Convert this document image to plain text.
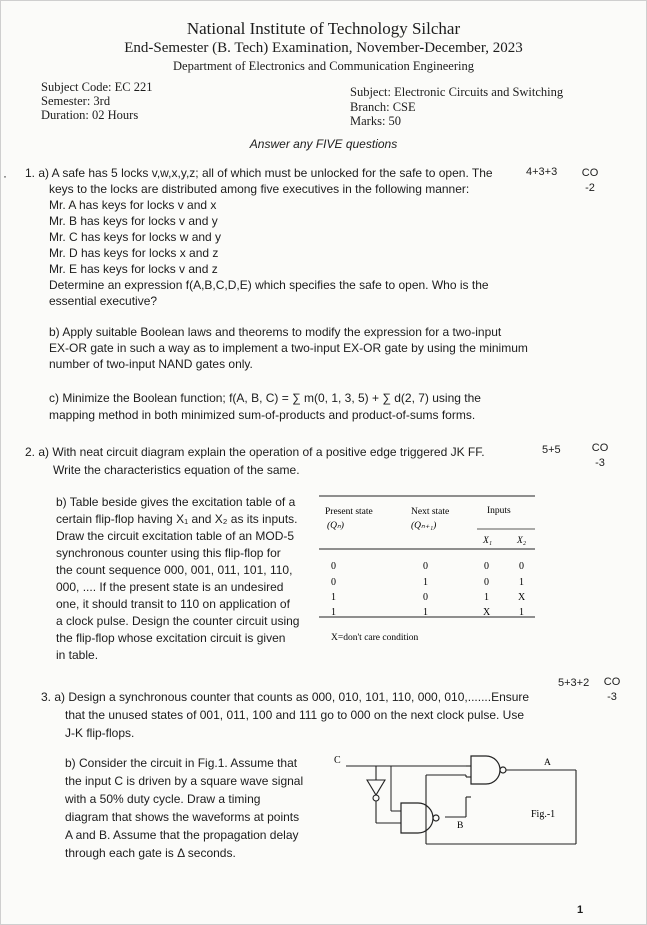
National Institute of Technology Silchar
End-Semester (B. Tech) Examination, November-December, 2023
Department of Electronics and Communication Engineering
Subject Code: EC 221
Semester: 3rd
Duration: 02 Hours
Subject: Electronic Circuits and Switching
Branch: CSE
Marks: 50
Answer any FIVE questions
· 1. a) A safe has 5 locks v,w,x,y,z; all of which must be unlocked for the safe to open. The
keys to the locks are distributed among five executives in the following manner:
Mr. A has keys for locks v and x
Mr. B has keys for locks v and y
Mr. C has keys for locks w and y
Mr. D has keys for locks x and z
Mr. E has keys for locks v and z
Determine an expression f(A,B,C,D,E) which specifies the safe to open. Who is the
essential executive?
b) Apply suitable Boolean laws and theorems to modify the expression for a two-input
EX-OR gate in such a way as to implement a two-input EX-OR gate by using the minimum
number of two-input NAND gates only.
c) Minimize the Boolean function; f(A, B, C) = ∑ m(0, 1, 3, 5) + ∑ d(2, 7) using the
mapping method in both minimized sum-of-products and product-of-sums forms.
4+3+3	CO
-2
2. a) With neat circuit diagram explain the operation of a positive edge triggered JK FF.
Write the characteristics equation of the same.
5+5	CO
-3
b) Table beside gives the excitation table of a
certain flip-flop having X₁ and X₂ as its inputs.
Draw the circuit excitation table of an MOD-5
synchronous counter using this flip-flop for
the count sequence 000, 001, 011, 101, 110,
000, .... If the present state is an undesired
one, it should transit to 110 on application of
a clock pulse. Design the counter circuit using
the flip-flop whose excitation circuit is given
in table.
Present state
(Qₙ)
Next state
(Qₙ₊₁)
Inputs
X₁	X₂
0	0	0	0
0	1	0	1
1	0	1	X
1	1	X	1
X=don't care condition
3. a) Design a synchronous counter that counts as 000, 010, 101, 110, 000, 010,.......Ensure
that the unused states of 001, 011, 100 and 111 go to 000 on the next clock pulse. Use
J-K flip-flops.
5+3+2	CO
-3
b) Consider the circuit in Fig.1. Assume that
the input C is driven by a square wave signal
with a 50% duty cycle. Draw a timing
diagram that shows the waveforms at points
A and B. Assume that the propagation delay
through each gate is Δ seconds.
C	A
B
Fig.-1
1
